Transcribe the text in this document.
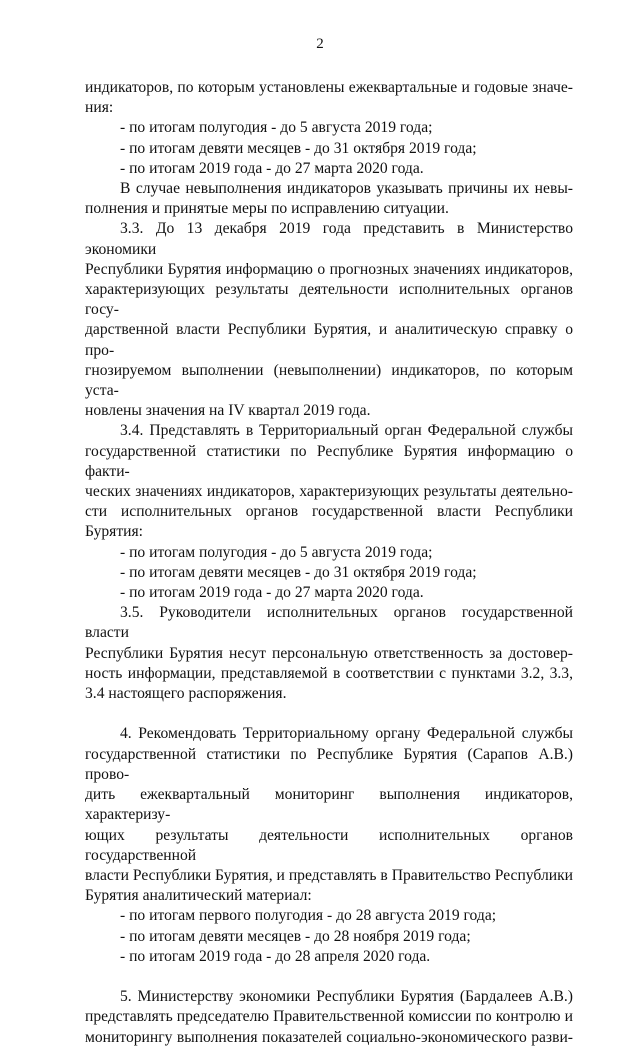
2

индикаторов, по которым установлены ежеквартальные и годовые значе-

ния:

- по итогам полугодия - до 5 августа 2019 года;

- по итогам девяти месяцев - до 31 октября 2019 года;

- по итогам 2019 года - до 27 марта 2020 года.

В случае невыполнения индикаторов указывать причины их невы-

полнения и принятые меры по исправлению ситуации.

3.3. До 13 декабря 2019 года представить в Министерство экономики

Республики Бурятия информацию о прогнозных значениях индикаторов,

характеризующих результаты деятельности исполнительных органов госу-

дарственной власти Республики Бурятия, и аналитическую справку о про-

гнозируемом выполнении (невыполнении) индикаторов, по которым уста-

новлены значения на IV квартал 2019 года.

3.4. Представлять в Территориальный орган Федеральной службы

государственной статистики по Республике Бурятия информацию о факти-

ческих значениях индикаторов, характеризующих результаты деятельно-

сти исполнительных органов государственной власти Республики Бурятия:

- по итогам полугодия - до 5 августа 2019 года;

- по итогам девяти месяцев - до 31 октября 2019 года;

- по итогам 2019 года - до 27 марта 2020 года.

3.5. Руководители исполнительных органов государственной власти

Республики Бурятия несут персональную ответственность за достовер-

ность информации, представляемой в соответствии с пунктами 3.2, 3.3,

3.4 настоящего распоряжения.

4. Рекомендовать Территориальному органу Федеральной службы

государственной статистики по Республике Бурятия (Сарапов А.В.) прово-

дить ежеквартальный мониторинг выполнения индикаторов, характеризу-

ющих результаты деятельности исполнительных органов государственной

власти Республики Бурятия, и представлять в Правительство Республики

Бурятия аналитический материал:

- по итогам первого полугодия - до 28 августа 2019 года;

- по итогам девяти месяцев - до 28 ноября 2019 года;

- по итогам 2019 года - до 28 апреля 2020 года.

5. Министерству экономики Республики Бурятия (Бардалеев А.В.)

представлять председателю Правительственной комиссии по контролю и

мониторингу выполнения показателей социально-экономического разви-
